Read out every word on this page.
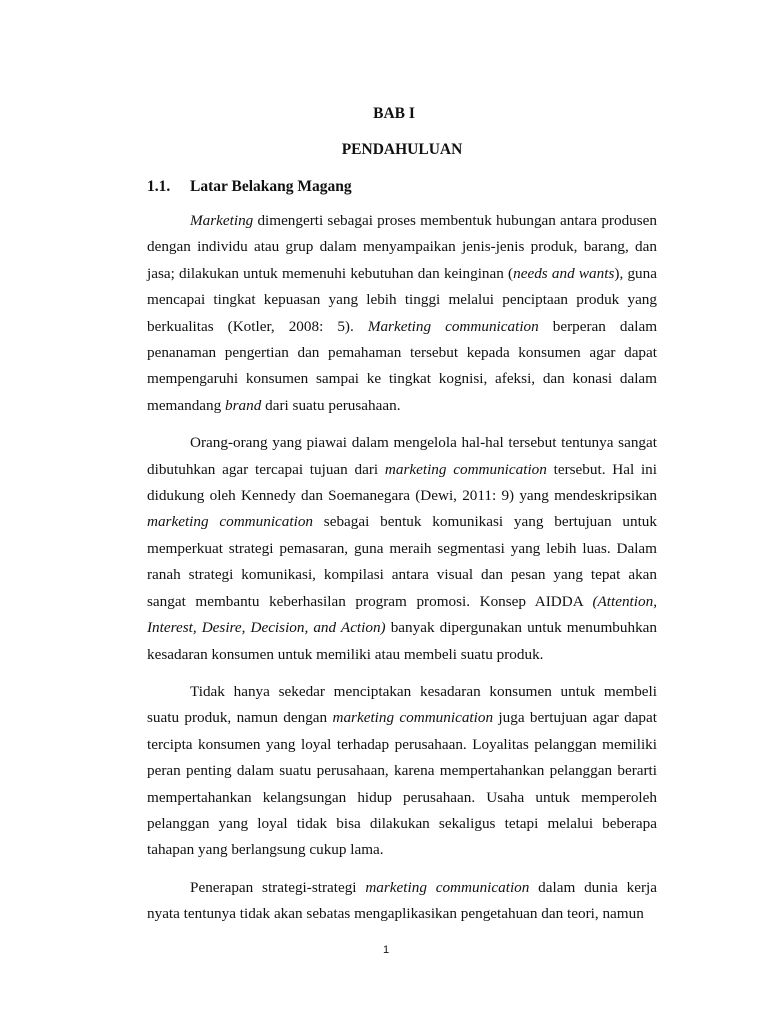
BAB I
PENDAHULUAN
1.1. Latar Belakang Magang

Marketing dimengerti sebagai proses membentuk hubungan antara produsen dengan individu atau grup dalam menyampaikan jenis-jenis produk, barang, dan jasa; dilakukan untuk memenuhi kebutuhan dan keinginan (needs and wants), guna mencapai tingkat kepuasan yang lebih tinggi melalui penciptaan produk yang berkualitas (Kotler, 2008: 5). Marketing communication berperan dalam penanaman pengertian dan pemahaman tersebut kepada konsumen agar dapat mempengaruhi konsumen sampai ke tingkat kognisi, afeksi, dan konasi dalam memandang brand dari suatu perusahaan.

Orang-orang yang piawai dalam mengelola hal-hal tersebut tentunya sangat dibutuhkan agar tercapai tujuan dari marketing communication tersebut. Hal ini didukung oleh Kennedy dan Soemanegara (Dewi, 2011: 9) yang mendeskripsikan marketing communication sebagai bentuk komunikasi yang bertujuan untuk memperkuat strategi pemasaran, guna meraih segmentasi yang lebih luas. Dalam ranah strategi komunikasi, kompilasi antara visual dan pesan yang tepat akan sangat membantu keberhasilan program promosi. Konsep AIDDA (Attention, Interest, Desire, Decision, and Action) banyak dipergunakan untuk menumbuhkan kesadaran konsumen untuk memiliki atau membeli suatu produk.

Tidak hanya sekedar menciptakan kesadaran konsumen untuk membeli suatu produk, namun dengan marketing communication juga bertujuan agar dapat tercipta konsumen yang loyal terhadap perusahaan. Loyalitas pelanggan memiliki peran penting dalam suatu perusahaan, karena mempertahankan pelanggan berarti mempertahankan kelangsungan hidup perusahaan. Usaha untuk memperoleh pelanggan yang loyal tidak bisa dilakukan sekaligus tetapi melalui beberapa tahapan yang berlangsung cukup lama.

Penerapan strategi-strategi marketing communication dalam dunia kerja nyata tentunya tidak akan sebatas mengaplikasikan pengetahuan dan teori, namun

1
